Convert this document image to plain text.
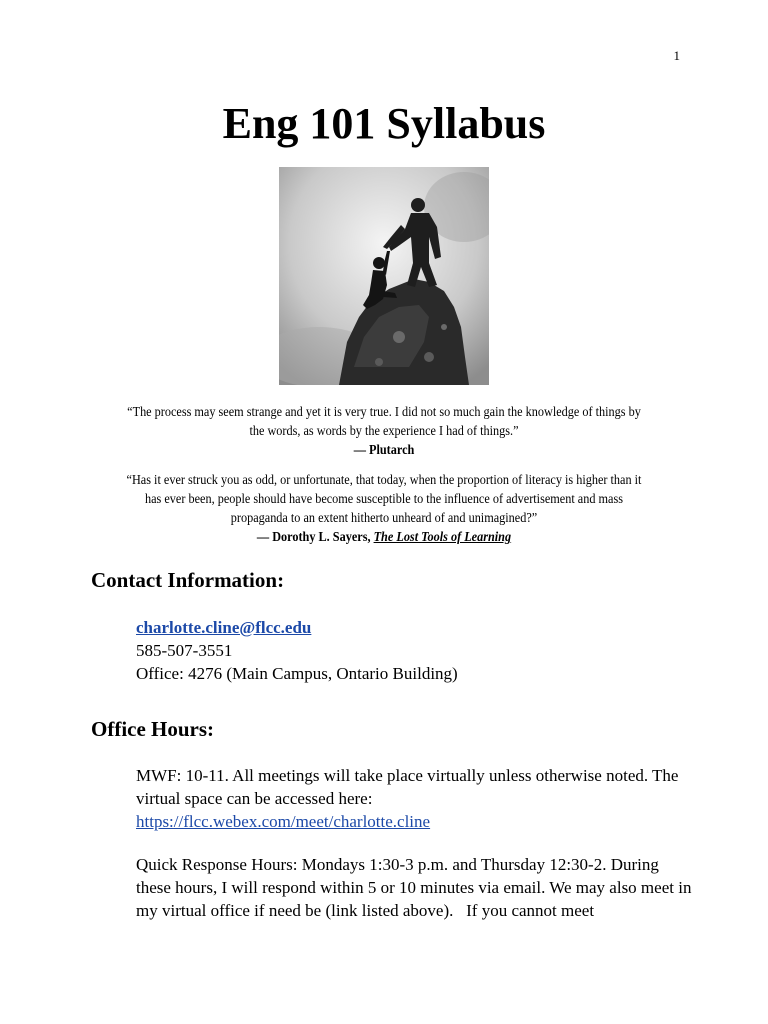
1
Eng 101 Syllabus
“The process may seem strange and yet it is very true. I did not so much gain the knowledge of things by the words, as words by the experience I had of things.”
— Plutarch
“Has it ever struck you as odd, or unfortunate, that today, when the proportion of literacy is higher than it has ever been, people should have become susceptible to the influence of advertisement and mass propaganda to an extent hitherto unheard of and unimagined?”
— Dorothy L. Sayers, The Lost Tools of Learning
Contact Information:
charlotte.cline@flcc.edu
585-507-3551
Office: 4276 (Main Campus, Ontario Building)
Office Hours:
MWF: 10-11. All meetings will take place virtually unless otherwise noted. The virtual space can be accessed here:
https://flcc.webex.com/meet/charlotte.cline
Quick Response Hours: Mondays 1:30-3 p.m. and Thursday 12:30-2. During these hours, I will respond within 5 or 10 minutes via email. We may also meet in my virtual office if need be (link listed above).   If you cannot meet
